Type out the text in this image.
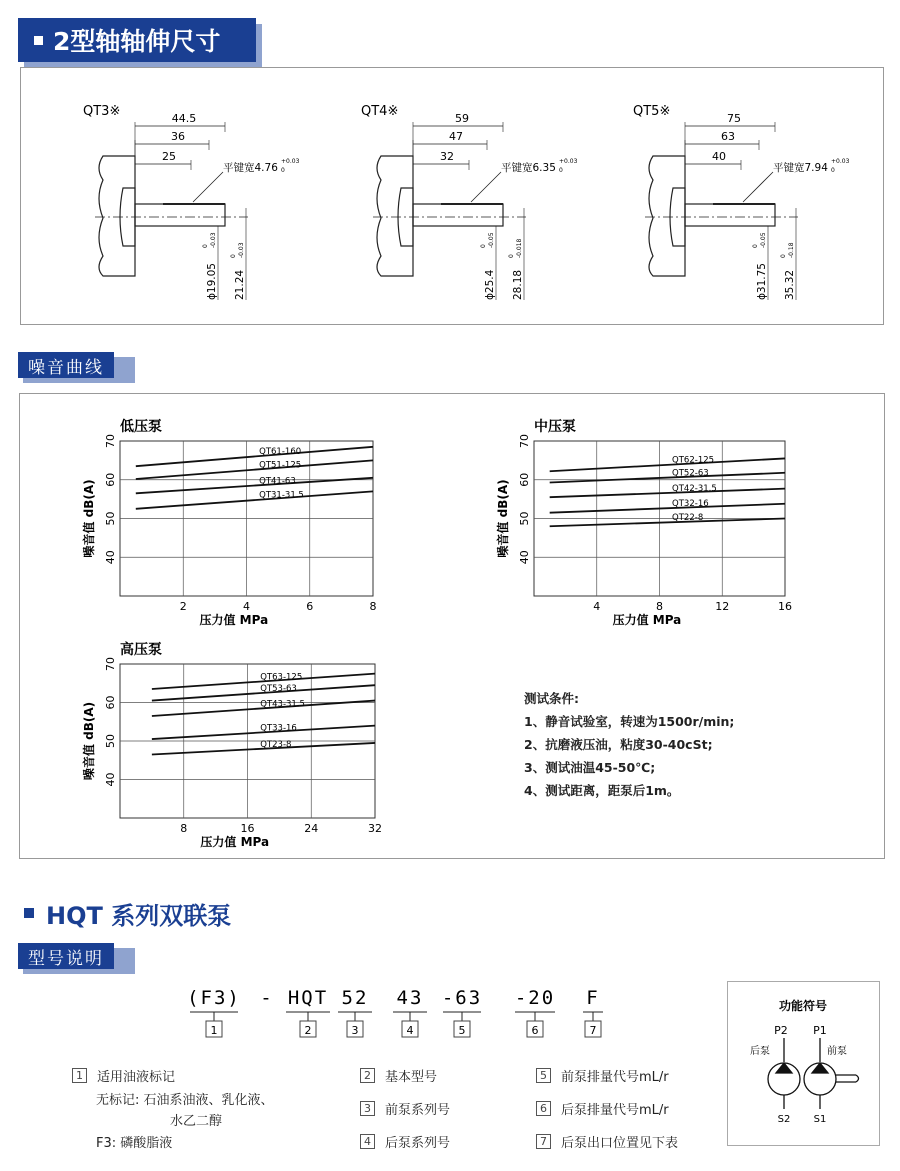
2型轴轴伸尺寸
QT3※	44.5
36
25
平键宽4.76
+0.03
0
ϕ19.05
0 -0.03
21.24
0 -0.03
QT4※	59
47
32
平键宽6.35
+0.03
0
ϕ25.4
0 -0.05
28.18
0 -0.018
QT5※	75
63
40
平键宽7.94
+0.03
0
ϕ31.75
0 -0.05
35.32
0 -0.18
噪音曲线
2	4	6	8
40
50
60
70
QT61-160
QT51-125
QT41-63
QT31-31.5
低压泵
压力值 MPa
噪音值 dB(A)
4	8	12	16
40
50
60
70
QT62-125
QT52-63
QT42-31.5
QT32-16
QT22-8
中压泵
压力值 MPa
噪音值 dB(A)
8	16	24	32
40
50
60
70
QT63-125
QT53-63
QT43-31.5
QT33-16
QT23-8
高压泵
压力值 MPa
噪音值 dB(A)
测试条件:
1、静音试验室，转速为1500r/min;
2、抗磨液压油，粘度30-40cSt;
3、测试油温45-50℃;
4、测试距离，距泵后1m。
HQT 系列双联泵
型号说明
(F3) - HQT 52 43 -63 -20 F
1	2	3	4	5	6	7
1	适用油液标记
无标记: 石油系油液、乳化液、
水乙二醇
F3: 磷酸脂液
2	基本型号
3	前泵系列号
4	后泵系列号
5	前泵排量代号mL/r
6	后泵排量代号mL/r
7	后泵出口位置见下表
功能符号
P2 P1
后泵	前泵
S2 S1
